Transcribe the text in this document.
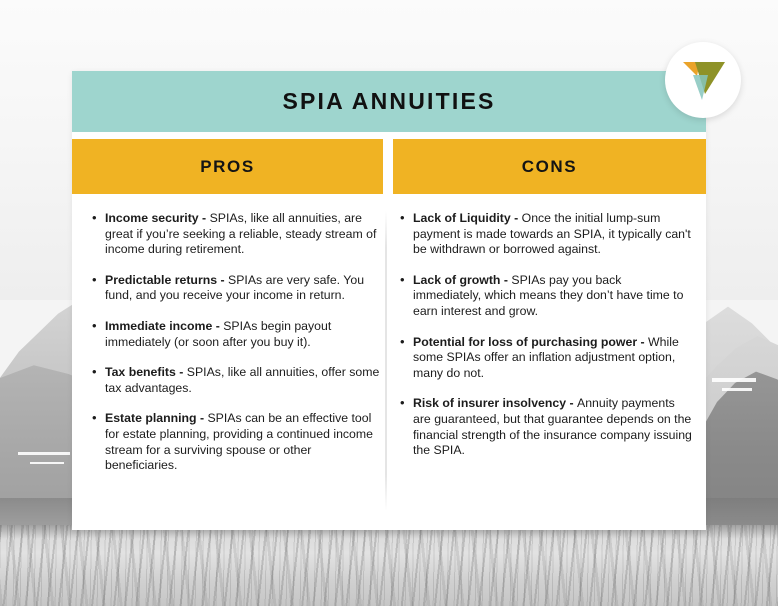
SPIA ANNUITIES
PROS	CONS
• Income security - SPIAs, like all annuities, are great if you’re seeking a reliable, steady stream of income during retirement.
• Predictable returns - SPIAs are very safe. You fund, and you receive your income in return.
• Immediate income - SPIAs begin payout immediately (or soon after you buy it).
• Tax benefits - SPIAs, like all annuities, offer some tax advantages.
• Estate planning - SPIAs can be an effective tool for estate planning, providing a continued income stream for a surviving spouse or other beneficiaries.
• Lack of Liquidity - Once the initial lump-sum payment is made towards an SPIA, it typically can't be withdrawn or borrowed against.
• Lack of growth - SPIAs pay you back immediately, which means they don’t have time to earn interest and grow.
• Potential for loss of purchasing power - While some SPIAs offer an inflation adjustment option, many do not.
• Risk of insurer insolvency - Annuity payments are guaranteed, but that guarantee depends on the financial strength of the insurance company issuing the SPIA.
